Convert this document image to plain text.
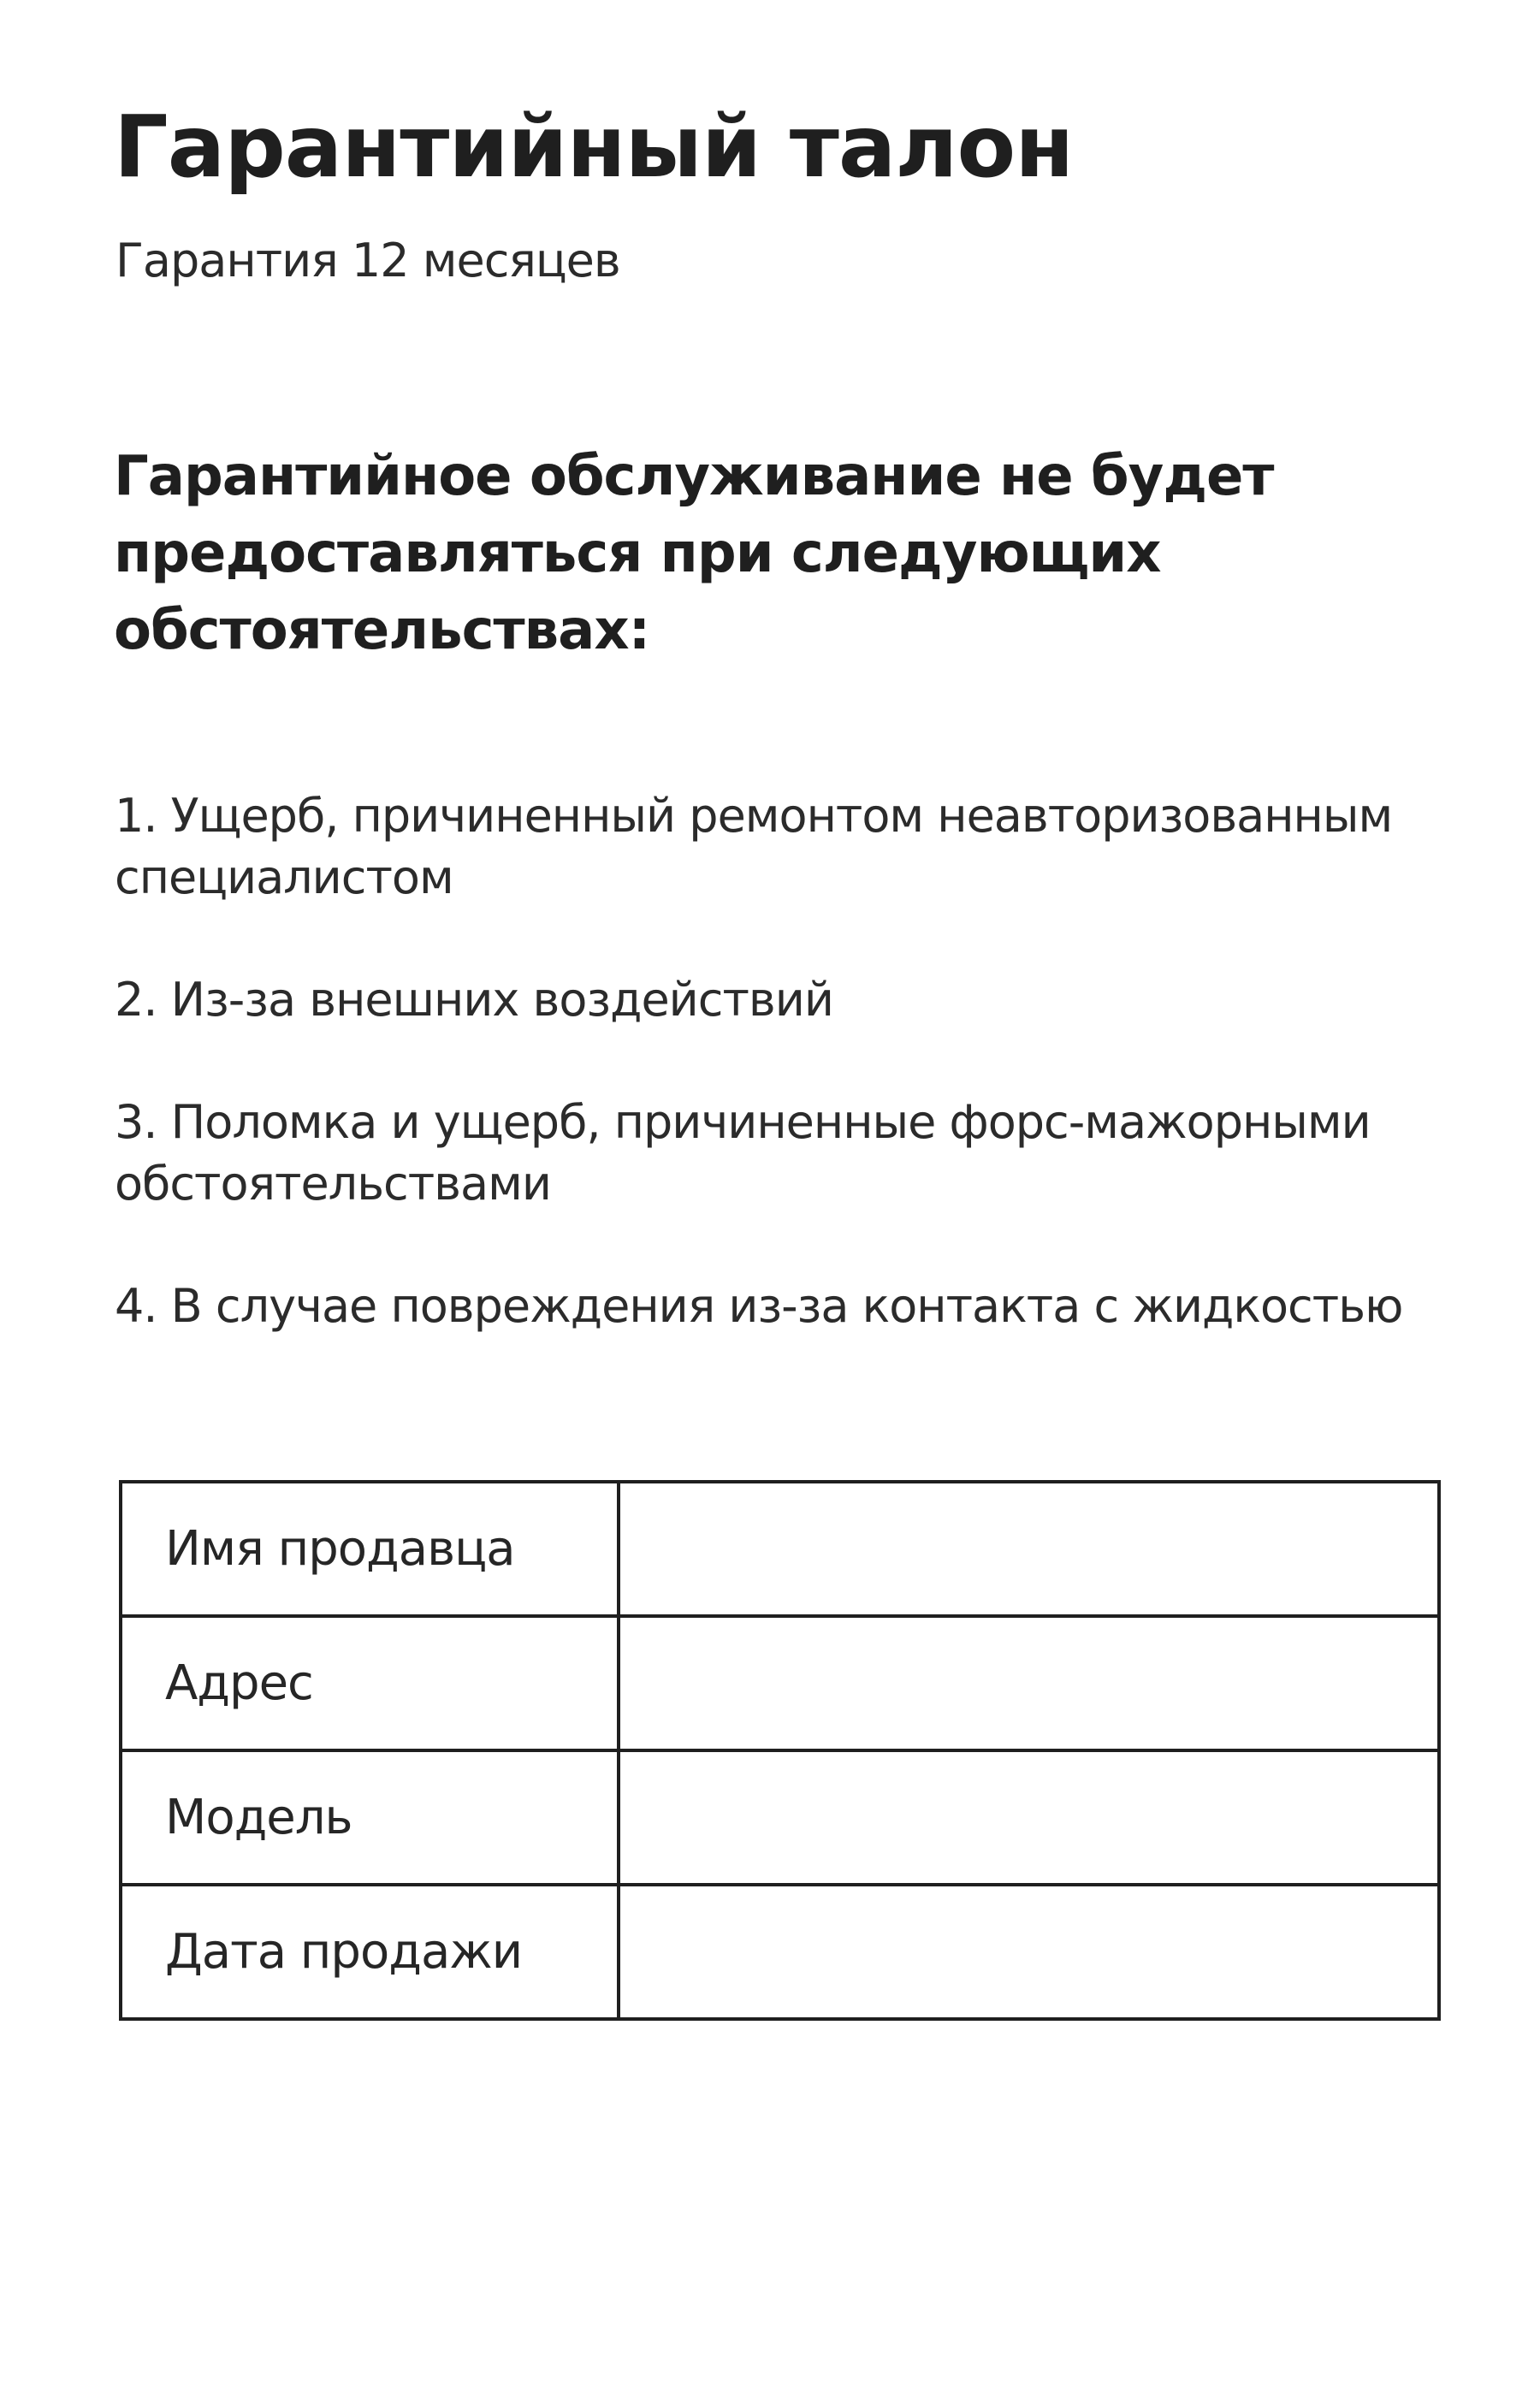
Гарантийный талон

Гарантия 12 месяцев

Гарантийное обслуживание не будет
предоставляться при следующих
обстоятельствах:
1. Ущерб, причиненный ремонтом неавторизованным
специалистом
2. Из-за внешних воздействий
3. Поломка и ущерб, причиненные форс-мажорными
обстоятельствами
4. В случае повреждения из-за контакта с жидкостью
Имя продавца	
Адрес	
Модель	
Дата продажи	
